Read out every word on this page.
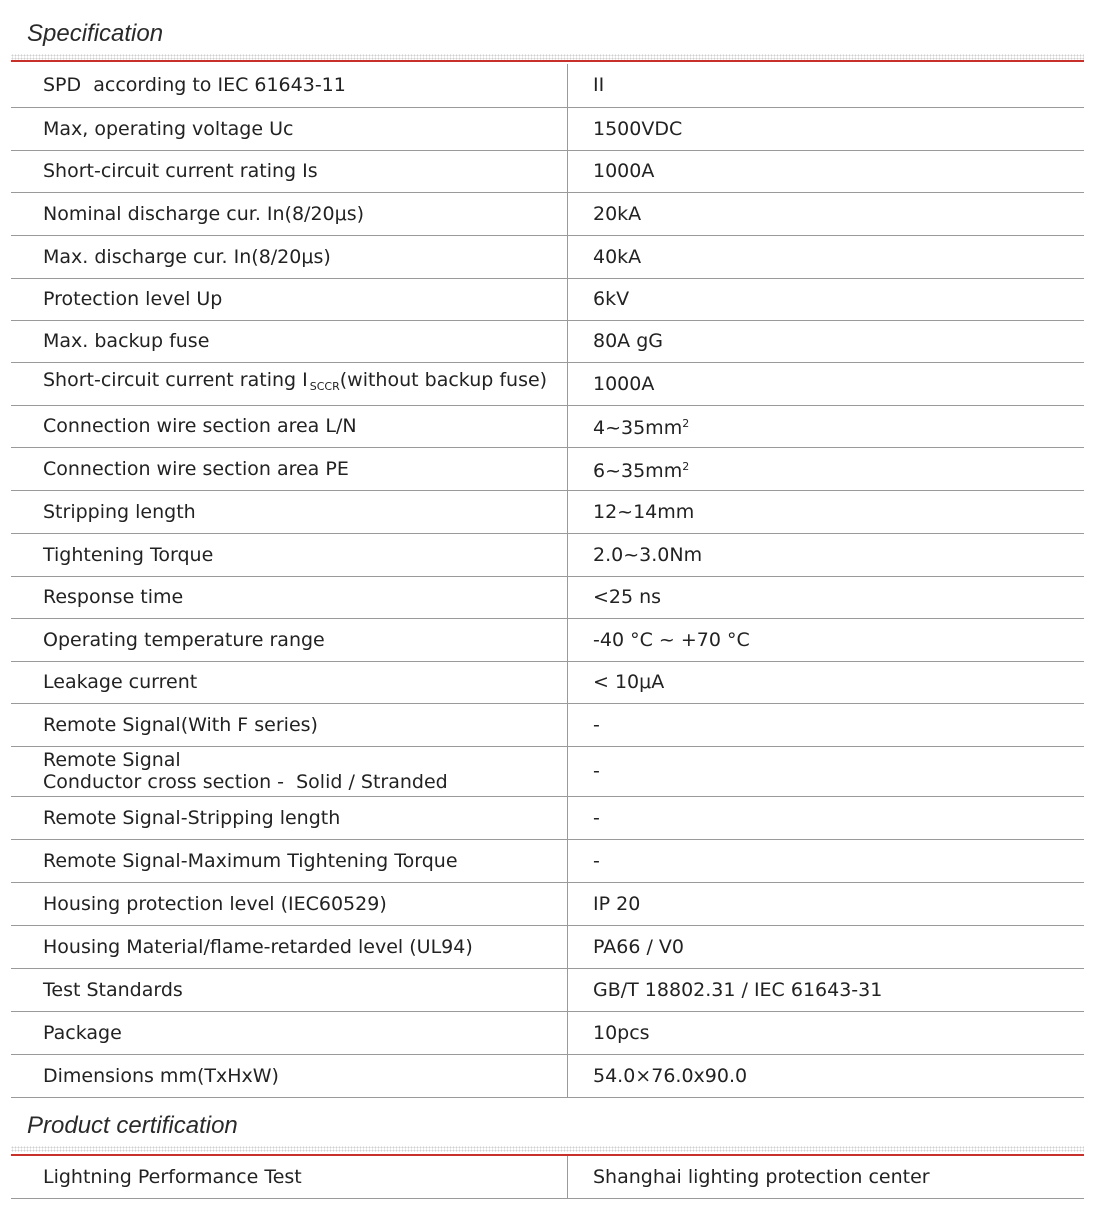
Specification
SPD  according to IEC 61643-11	II

Max, operating voltage Uc	1500VDC

Short-circuit current rating Is	1000A

Nominal discharge cur. In(8/20μs)	20kA

Max. discharge cur. In(8/20μs)	40kA

Protection level Up	6kV

Max. backup fuse	80A gG
Short-circuit current rating I $_{SCCR}$(without backup fuse)	1000A

Connection wire section area L/N	$4\sim 35mm^2$

Connection wire section area PE	$6\sim 35mm^2$

Stripping length	12~14mm

Tightening Torque	2.0~3.0Nm

Response time	<25 ns

Operating temperature range	-40 °C ~ +70 °C

Leakage current	< 10μA

Remote Signal(With F series)	-

Remote Signal
Conductor cross section -  Solid / Stranded	-

Remote Signal-Stripping length	-

Remote Signal-Maximum Tightening Torque	-

Housing protection level (IEC60529)	IP 20

Housing Material/flame-retarded level (UL94)	PA66 / V0

Test Standards	GB/T 18802.31 / IEC 61643-31

Package	10pcs

Dimensions mm(TxHxW)	54.0×76.0x90.0
Product certification
Lightning Performance Test	Shanghai lighting protection center
